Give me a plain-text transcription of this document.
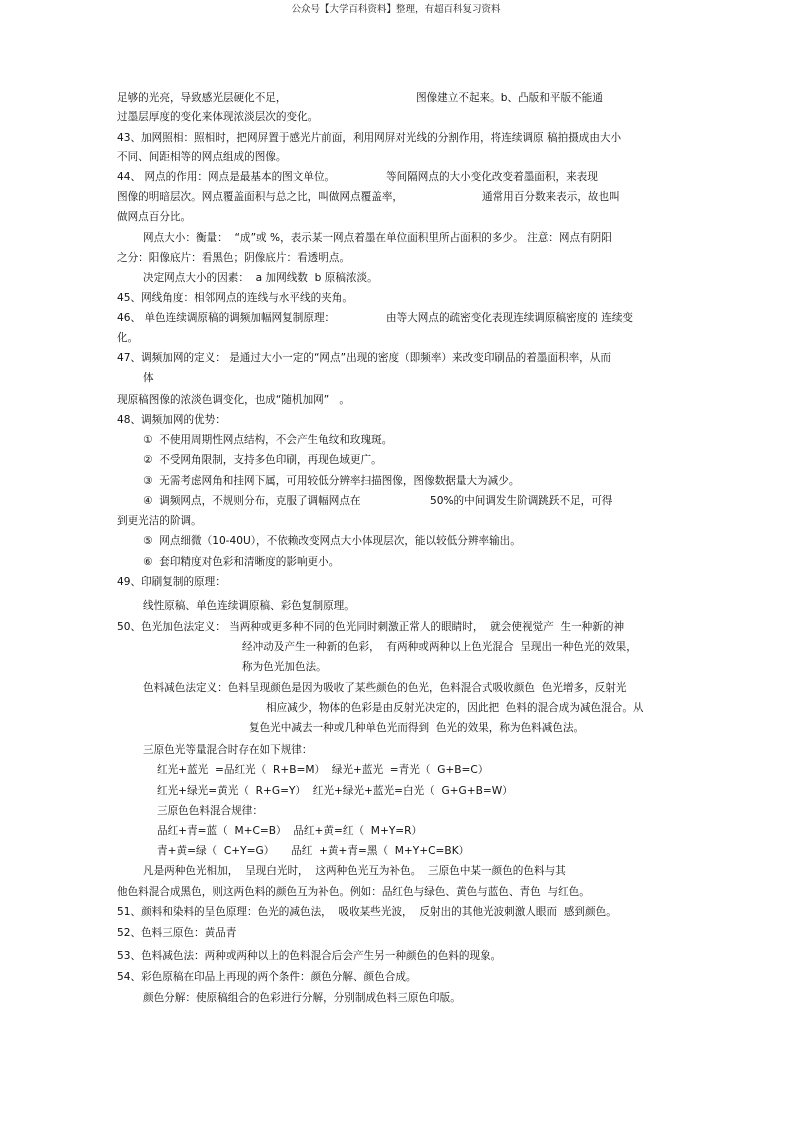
公众号【大学百科资料】整理，有超百科复习资料
足够的光亮，导致感光层硬化不足，	图像建立不起来。b、凸版和平版不能通
过墨层厚度的变化来体现浓淡层次的变化。
43、加网照相：照相时，把网屏置于感光片前面，利用网屏对光线的分割作用，将连续调原 稿拍摄成由大小
不同、间距相等的网点组成的图像。
44、 网点的作用：网点是最基本的图文单位。	等间隔网点的大小变化改变着墨面积，来表现
图像的明暗层次。网点覆盖面积与总之比，叫做网点覆盖率，	通常用百分数来表示，故也叫
做网点百分比。
网点大小：衡量：  “成”或 %，表示某一网点着墨在单位面积里所占面积的多少。 注意：网点有阴阳
之分：阳像底片：看黑色；阴像底片：看透明点。
决定网点大小的因素：  a 加网线数  b 原稿浓淡。
45、网线角度：相邻网点的连线与水平线的夹角。
46、 单色连续调原稿的调频加幅网复制原理：	由等大网点的疏密变化表现连续调原稿密度的 连续变
化。
47、调频加网的定义： 是通过大小一定的“网点”出现的密度（即频率）来改变印刷品的着墨面积率，从而
体
现原稿图像的浓淡色调变化，也成“随机加网”   。
48、调频加网的优势：
①  不使用周期性网点结构，不会产生龟纹和玫瑰斑。
②  不受网角限制，支持多色印刷，再现色域更广。
③  无需考虑网角和挂网下属，可用较低分辨率扫描图像，图像数据量大为减少。
④  调频网点，不规则分布，克服了调幅网点在	50%的中间调发生阶调跳跃不足，可得
到更光洁的阶调。
⑤  网点细微（10-40U），不依赖改变网点大小体现层次，能以较低分辨率输出。
⑥  套印精度对色彩和清晰度的影响更小。
49、印刷复制的原理：
线性原稿、单色连续调原稿、彩色复制原理。
50、色光加色法定义： 当两种或更多种不同的色光同时刺激正常人的眼睛时，  就会使视觉产  生一种新的神
经冲动及产生一种新的色彩，  有两种或两种以上色光混合  呈现出一种色光的效果，
称为色光加色法。
色料减色法定义：色料呈现颜色是因为吸收了某些颜色的色光，色料混合式吸收颜色  色光增多，反射光
相应减少，物体的色彩是由反射光决定的，因此把  色料的混合成为减色混合。从
复色光中减去一种或几种单色光而得到  色光的效果，称为色料减色法。
三原色光等量混合时存在如下规律：
红光+蓝光  =品红光（  R+B=M）  绿光+蓝光  =青光（  G+B=C）
红光+绿光=黄光（  R+G=Y）  红光+绿光+蓝光=白光（  G+G+B=W）
三原色色料混合规律：
品红+青=蓝（  M+C=B）  品红+黄=红（  M+Y=R）
青+黄=绿（  C+Y=G）     品红  +黄+青=黑（  M+Y+C=BK）
凡是两种色光相加，  呈现白光时，  这两种色光互为补色。  三原色中某一颜色的色料与其
他色料混合成黑色，则这两色料的颜色互为补色。例如：品红色与绿色、黄色与蓝色、青色  与红色。
51、颜料和染料的呈色原理：色光的减色法，  吸收某些光波，  反射出的其他光波刺激人眼而  感到颜色。
52、色料三原色：黄品青
53、色料减色法：两种或两种以上的色料混合后会产生另一种颜色的色料的现象。
54、彩色原稿在印品上再现的两个条件：颜色分解、颜色合成。
颜色分解：使原稿组合的色彩进行分解，分别制成色料三原色印版。
